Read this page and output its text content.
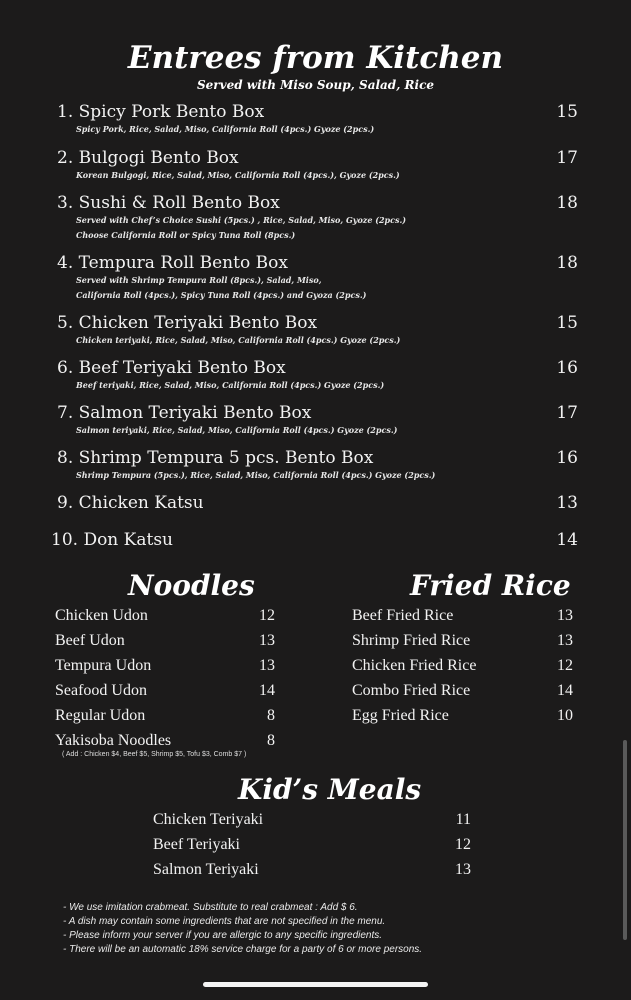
Entrees from Kitchen
Served with Miso Soup, Salad, Rice
1. Spicy Pork Bento Box	15
Spicy Pork, Rice, Salad, Miso, California Roll (4pcs.) Gyoze (2pcs.)
2. Bulgogi Bento Box	17
Korean Bulgogi, Rice, Salad, Miso, California Roll (4pcs.), Gyoze (2pcs.)
3. Sushi & Roll Bento Box	18
Served with Chef’s Choice Sushi (5pcs.) , Rice, Salad, Miso, Gyoze (2pcs.)
Choose California Roll or Spicy Tuna Roll (8pcs.)
4. Tempura Roll Bento Box	18
Served with Shrimp Tempura Roll (8pcs.), Salad, Miso,
California Roll (4pcs.), Spicy Tuna Roll (4pcs.) and Gyoza (2pcs.)
5. Chicken Teriyaki Bento Box	15
Chicken teriyaki, Rice, Salad, Miso, California Roll (4pcs.) Gyoze (2pcs.)
6. Beef Teriyaki Bento Box	16
Beef teriyaki, Rice, Salad, Miso, California Roll (4pcs.) Gyoze (2pcs.)
7. Salmon Teriyaki Bento Box	17
Salmon teriyaki, Rice, Salad, Miso, California Roll (4pcs.) Gyoze (2pcs.)
8. Shrimp Tempura 5 pcs. Bento Box	16
Shrimp Tempura (5pcs.), Rice, Salad, Miso, California Roll (4pcs.) Gyoze (2pcs.)
9. Chicken Katsu	13
10. Don Katsu	14
Noodles	Fried Rice
Chicken Udon	12
Beef Udon	13
Tempura Udon	13
Seafood Udon	14
Regular Udon	8
Yakisoba Noodles	8
( Add : Chicken $4, Beef $5, Shrimp $5, Tofu $3, Comb $7 )
Beef Fried Rice	13
Shrimp Fried Rice	13
Chicken Fried Rice	12
Combo Fried Rice	14
Egg Fried Rice	10
Kid’s Meals
Chicken Teriyaki	11
Beef Teriyaki	12
Salmon Teriyaki	13
- We use imitation crabmeat. Substitute to real crabmeat : Add $ 6.
- A dish may contain some ingredients that are not specified in the menu.
- Please inform your server if you are allergic to any specific ingredients.
- There will be an automatic 18% service charge for a party of 6 or more persons.
